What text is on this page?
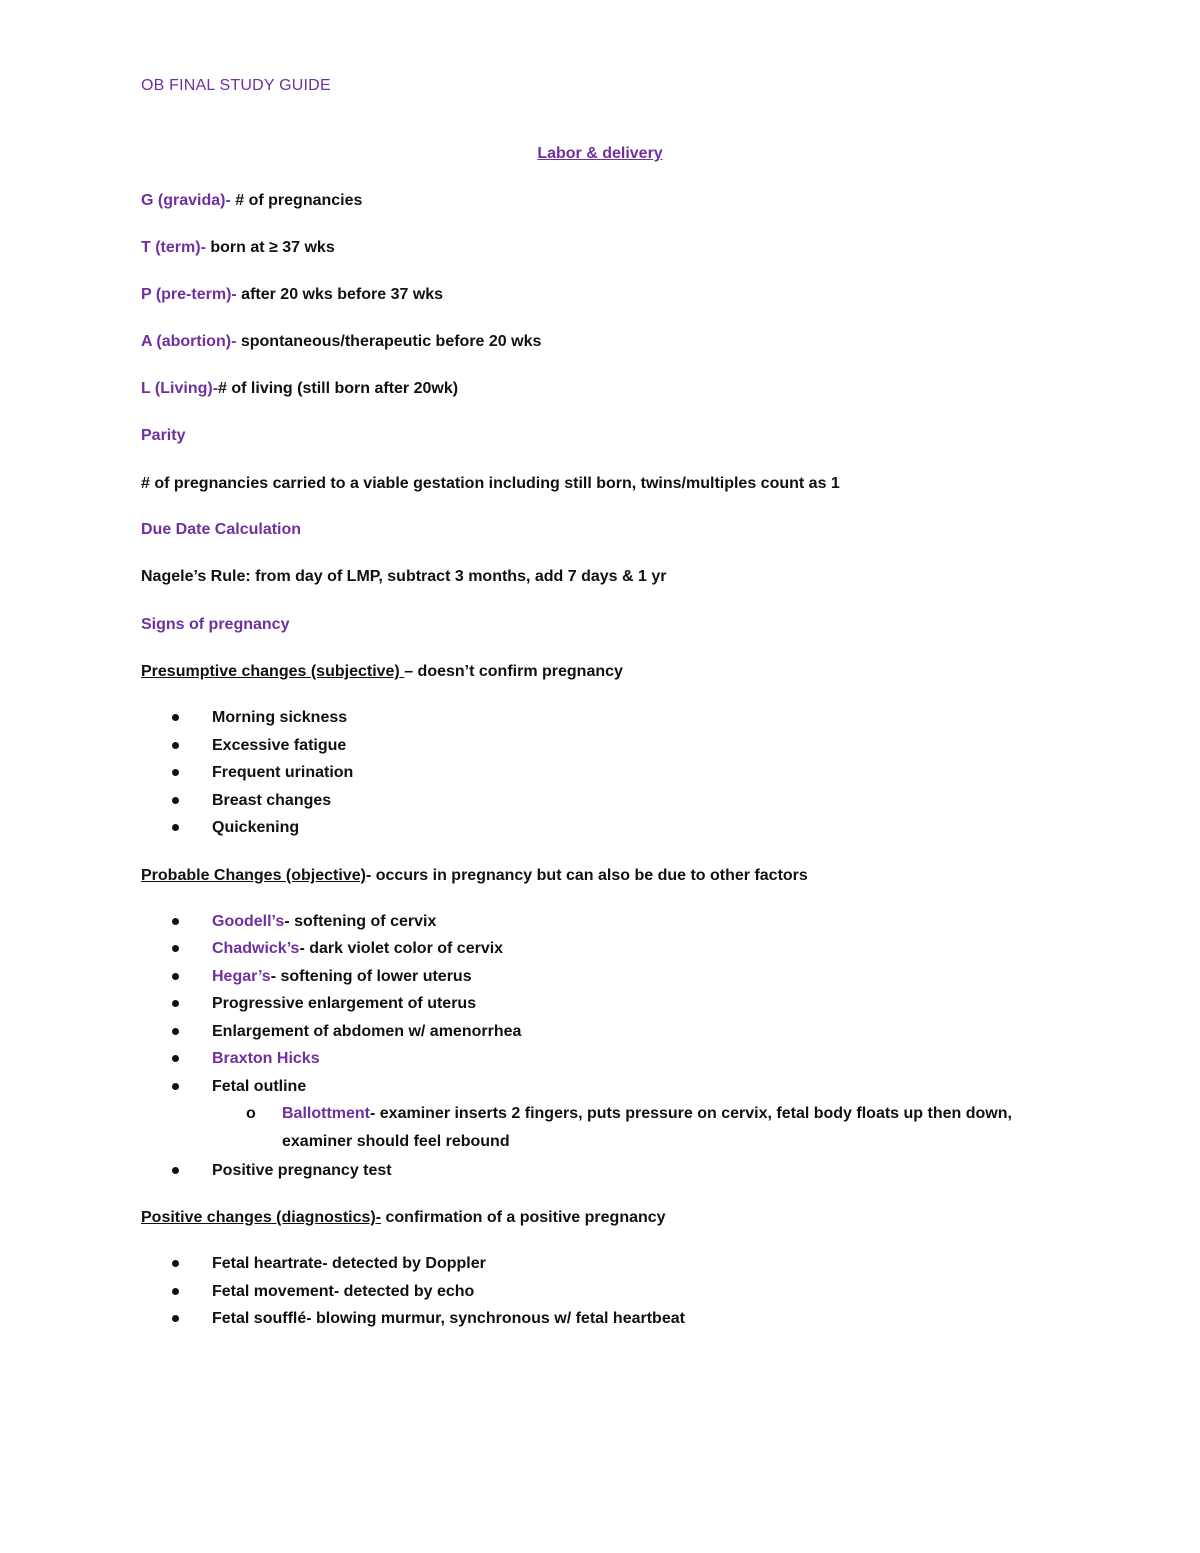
OB FINAL STUDY GUIDE
Labor & delivery
G (gravida)- # of pregnancies
T (term)- born at ≥ 37 wks
P (pre-term)- after 20 wks before 37 wks
A (abortion)- spontaneous/therapeutic before 20 wks
L (Living)-# of living (still born after 20wk)
Parity
# of pregnancies carried to a viable gestation including still born, twins/multiples count as 1
Due Date Calculation
Nagele’s Rule: from day of LMP, subtract 3 months, add 7 days & 1 yr
Signs of pregnancy
Presumptive changes (subjective) – doesn’t confirm pregnancy
Morning sickness
Excessive fatigue
Frequent urination
Breast changes
Quickening
Probable Changes (objective)- occurs in pregnancy but can also be due to other factors
Goodell’s- softening of cervix
Chadwick’s- dark violet color of cervix
Hegar’s- softening of lower uterus
Progressive enlargement of uterus
Enlargement of abdomen w/ amenorrhea
Braxton Hicks
Fetal outline
o Ballottment- examiner inserts 2 fingers, puts pressure on cervix, fetal body floats up then down, examiner should feel rebound
Positive pregnancy test
Positive changes (diagnostics)- confirmation of a positive pregnancy
Fetal heartrate- detected by Doppler
Fetal movement- detected by echo
Fetal soufflé- blowing murmur, synchronous w/ fetal heartbeat
